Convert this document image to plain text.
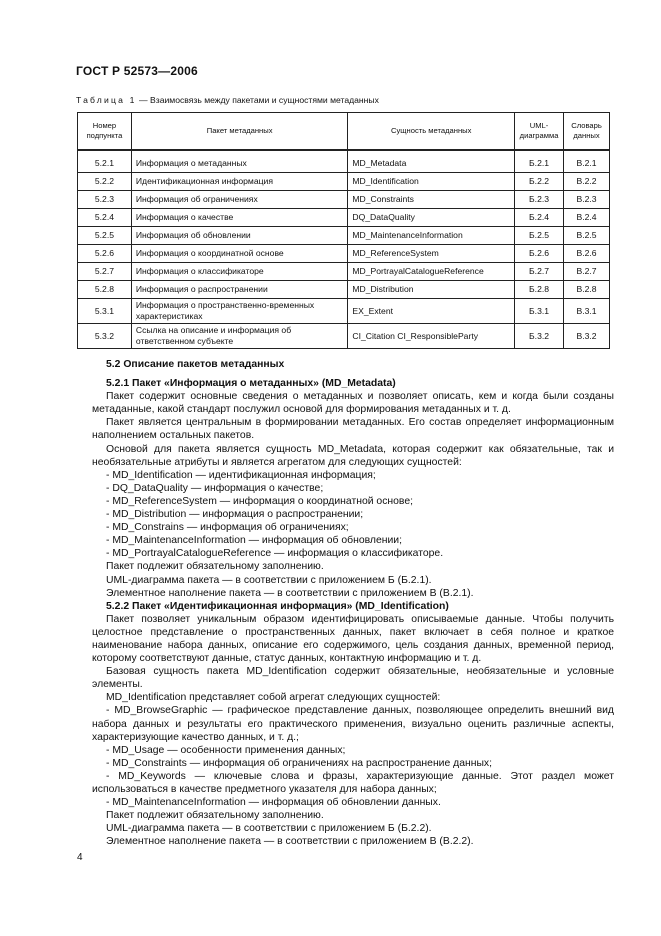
ГОСТ Р 52573—2006
Таблица 1 — Взаимосвязь между пакетами и сущностями метаданных
Номер подпункта	Пакет метаданных	Сущность метаданных	UML-диаграмма	Словарь данных

5.2.1	Информация о метаданных	MD_Metadata	Б.2.1	В.2.1
5.2.2	Идентификационная информация	MD_Identification	Б.2.2	В.2.2
5.2.3	Информация об ограничениях	MD_Constraints	Б.2.3	В.2.3
5.2.4	Информация о качестве	DQ_DataQuality	Б.2.4	В.2.4
5.2.5	Информация об обновлении	MD_MaintenanceInformation	Б.2.5	В.2.5
5.2.6	Информация о координатной основе	MD_ReferenceSystem	Б.2.6	В.2.6
5.2.7	Информация о классификаторе	MD_PortrayalCatalogueReference	Б.2.7	В.2.7
5.2.8	Информация о распространении	MD_Distribution	Б.2.8	В.2.8
5.3.1	Информация о пространственно-временных характеристиках	EX_Extent	Б.3.1	В.3.1
5.3.2	Ссылка на описание и информация об ответственном субъекте	CI_Citation CI_ResponsibleParty	Б.3.2	В.3.2

5.2 Описание пакетов метаданных

5.2.1 Пакет «Информация о метаданных» (MD_Metadata)

Пакет содержит основные сведения о метаданных и позволяет описать, кем и когда были созданы метаданные, какой стандарт послужил основой для формирования метаданных и т. д.

Пакет является центральным в формировании метаданных. Его состав определяет информационным наполнением остальных пакетов.

Основой для пакета является сущность MD_Metadata, которая содержит как обязательные, так и необязательные атрибуты и является агрегатом для следующих сущностей:

- MD_Identification — идентификационная информация;

- DQ_DataQuality — информация о качестве;

- MD_ReferenceSystem — информация о координатной основе;

- MD_Distribution — информация о распространении;

- MD_Constrains — информация об ограничениях;

- MD_MaintenanceInformation — информация об обновлении;

- MD_PortrayalCatalogueReference — информация о классификаторе.

Пакет подлежит обязательному заполнению.

UML-диаграмма пакета — в соответствии с приложением Б (Б.2.1).

Элементное наполнение пакета — в соответствии с приложением В (В.2.1).

5.2.2 Пакет «Идентификационная информация» (MD_Identification)

Пакет позволяет уникальным образом идентифицировать описываемые данные. Чтобы получить целостное представление о пространственных данных, пакет включает в себя полное и краткое наименование набора данных, описание его содержимого, цель создания данных, временной период, которому соответствуют данные, статус данных, контактную информацию и т. д.

Базовая сущность пакета MD_Identification содержит обязательные, необязательные и условные элементы.

MD_Identification представляет собой агрегат следующих сущностей:

- MD_BrowseGraphic — графическое представление данных, позволяющее определить внешний вид набора данных и результаты его практического применения, визуально оценить различные аспекты, характеризующие качество данных, и т. д.;

- MD_Usage — особенности применения данных;

- MD_Constraints — информация об ограничениях на распространение данных;

- MD_Keywords — ключевые слова и фразы, характеризующие данные. Этот раздел может использоваться в качестве предметного указателя для набора данных;

- MD_MaintenanceInformation — информация об обновлении данных.

Пакет подлежит обязательному заполнению.

UML-диаграмма пакета — в соответствии с приложением Б (Б.2.2).

Элементное наполнение пакета — в соответствии с приложением В (В.2.2).

4
